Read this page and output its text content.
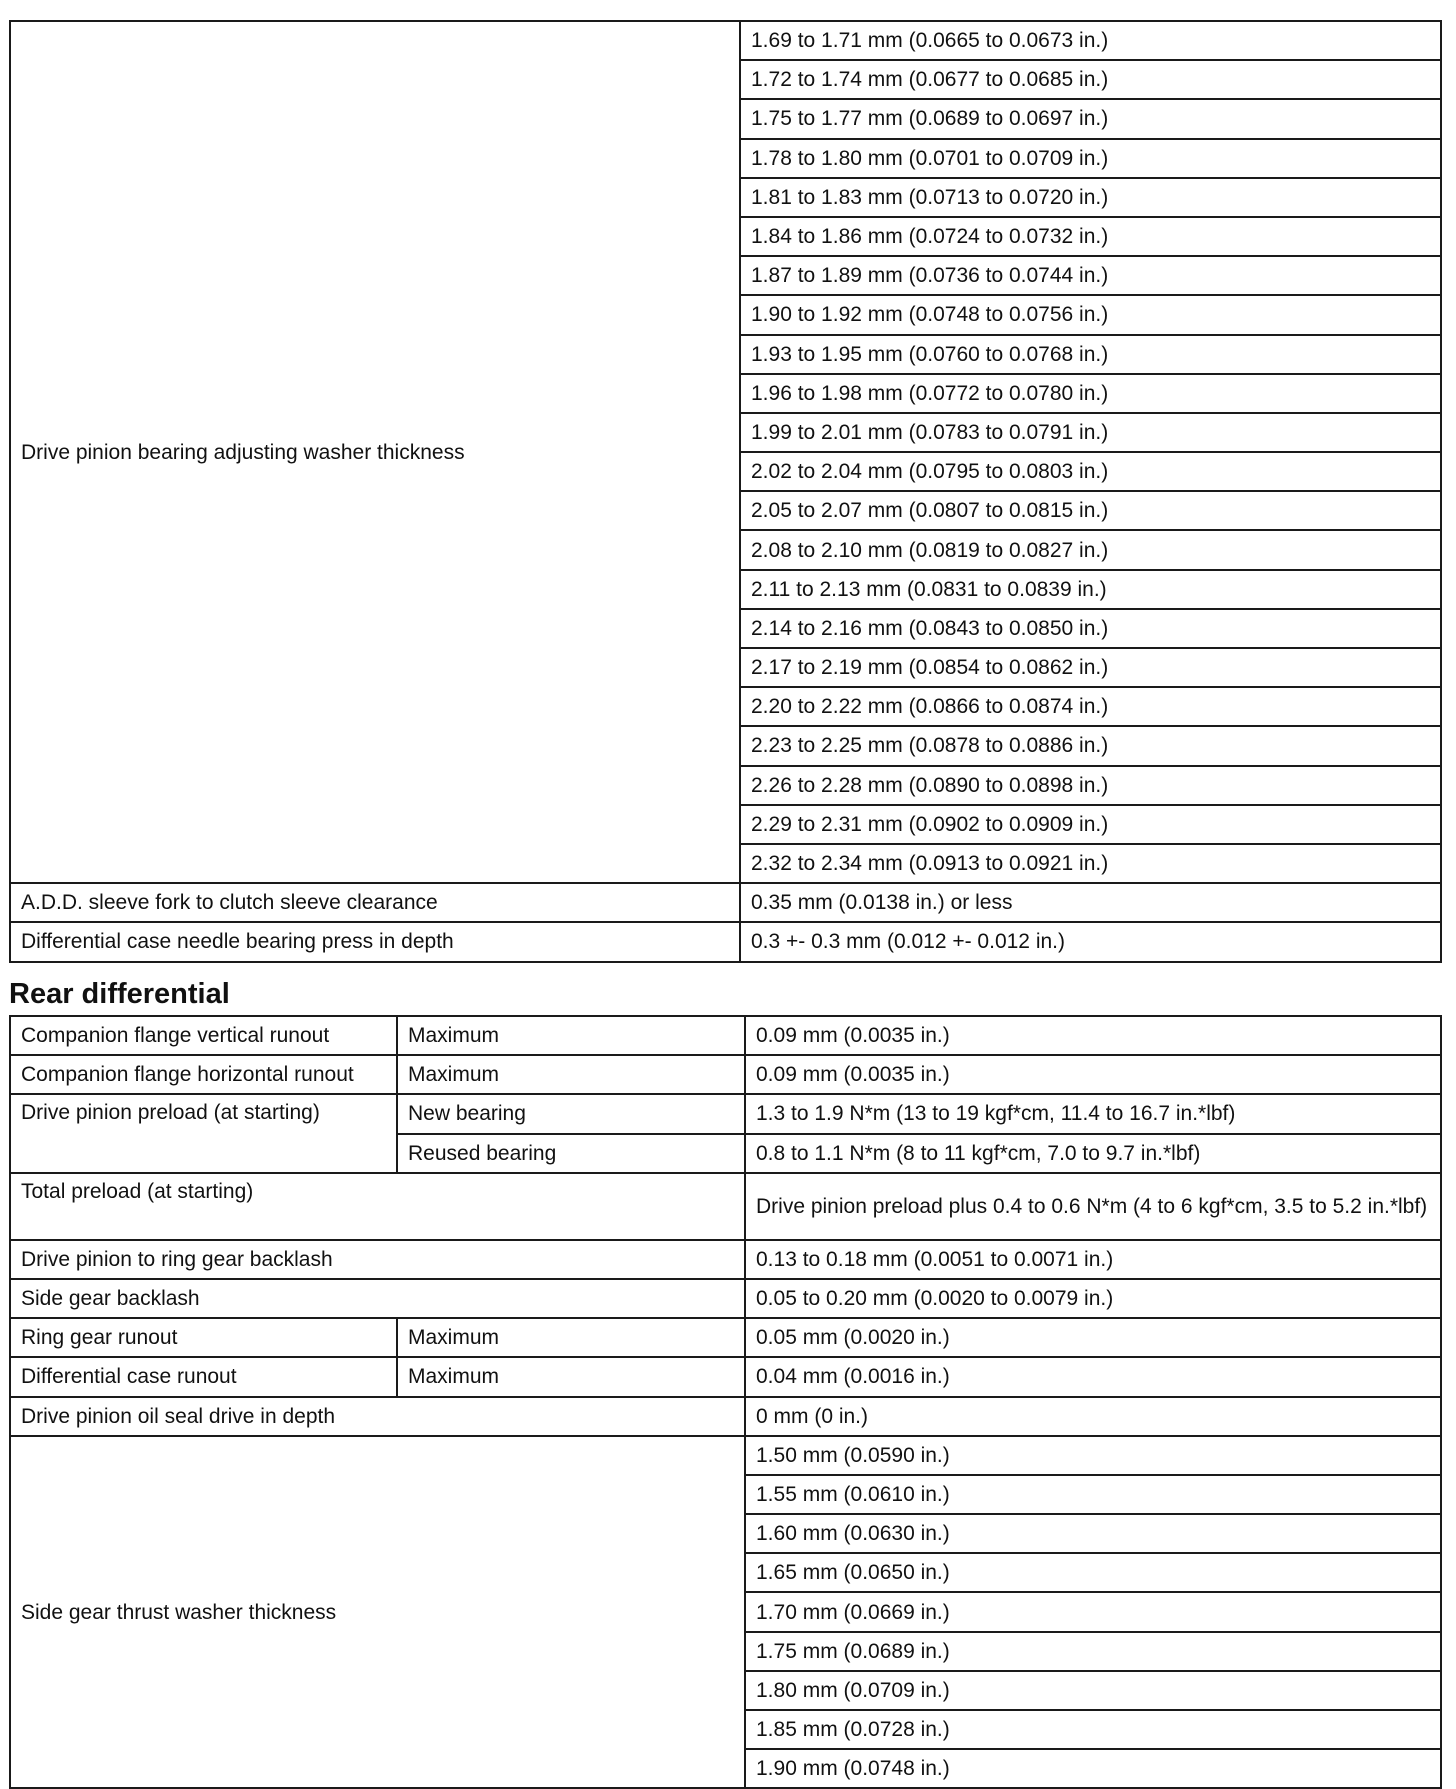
Drive pinion bearing adjusting washer thickness	1.69 to 1.71 mm (0.0665 to 0.0673 in.)
	1.72 to 1.74 mm (0.0677 to 0.0685 in.)
	1.75 to 1.77 mm (0.0689 to 0.0697 in.)
	1.78 to 1.80 mm (0.0701 to 0.0709 in.)
	1.81 to 1.83 mm (0.0713 to 0.0720 in.)
	1.84 to 1.86 mm (0.0724 to 0.0732 in.)
	1.87 to 1.89 mm (0.0736 to 0.0744 in.)
	1.90 to 1.92 mm (0.0748 to 0.0756 in.)
	1.93 to 1.95 mm (0.0760 to 0.0768 in.)
	1.96 to 1.98 mm (0.0772 to 0.0780 in.)
	1.99 to 2.01 mm (0.0783 to 0.0791 in.)
	2.02 to 2.04 mm (0.0795 to 0.0803 in.)
	2.05 to 2.07 mm (0.0807 to 0.0815 in.)
	2.08 to 2.10 mm (0.0819 to 0.0827 in.)
	2.11 to 2.13 mm (0.0831 to 0.0839 in.)
	2.14 to 2.16 mm (0.0843 to 0.0850 in.)
	2.17 to 2.19 mm (0.0854 to 0.0862 in.)
	2.20 to 2.22 mm (0.0866 to 0.0874 in.)
	2.23 to 2.25 mm (0.0878 to 0.0886 in.)
	2.26 to 2.28 mm (0.0890 to 0.0898 in.)
	2.29 to 2.31 mm (0.0902 to 0.0909 in.)
	2.32 to 2.34 mm (0.0913 to 0.0921 in.)
A.D.D. sleeve fork to clutch sleeve clearance	0.35 mm (0.0138 in.) or less
Differential case needle bearing press in depth	0.3 +- 0.3 mm (0.012 +- 0.012 in.)
Rear differential
Companion flange vertical runout	Maximum	0.09 mm (0.0035 in.)
Companion flange horizontal runout	Maximum	0.09 mm (0.0035 in.)
Drive pinion preload (at starting)	New bearing	1.3 to 1.9 N*m (13 to 19 kgf*cm, 11.4 to 16.7 in.*lbf)
	Reused bearing	0.8 to 1.1 N*m (8 to 11 kgf*cm, 7.0 to 9.7 in.*lbf)
Total preload (at starting)		Drive pinion preload plus 0.4 to 0.6 N*m (4 to 6 kgf*cm, 3.5 to 5.2 in.*lbf)
Drive pinion to ring gear backlash		0.13 to 0.18 mm (0.0051 to 0.0071 in.)
Side gear backlash		0.05 to 0.20 mm (0.0020 to 0.0079 in.)
Ring gear runout	Maximum	0.05 mm (0.0020 in.)
Differential case runout	Maximum	0.04 mm (0.0016 in.)
Drive pinion oil seal drive in depth		0 mm (0 in.)
Side gear thrust washer thickness		1.50 mm (0.0590 in.)
		1.55 mm (0.0610 in.)
		1.60 mm (0.0630 in.)
		1.65 mm (0.0650 in.)
		1.70 mm (0.0669 in.)
		1.75 mm (0.0689 in.)
		1.80 mm (0.0709 in.)
		1.85 mm (0.0728 in.)
		1.90 mm (0.0748 in.)
